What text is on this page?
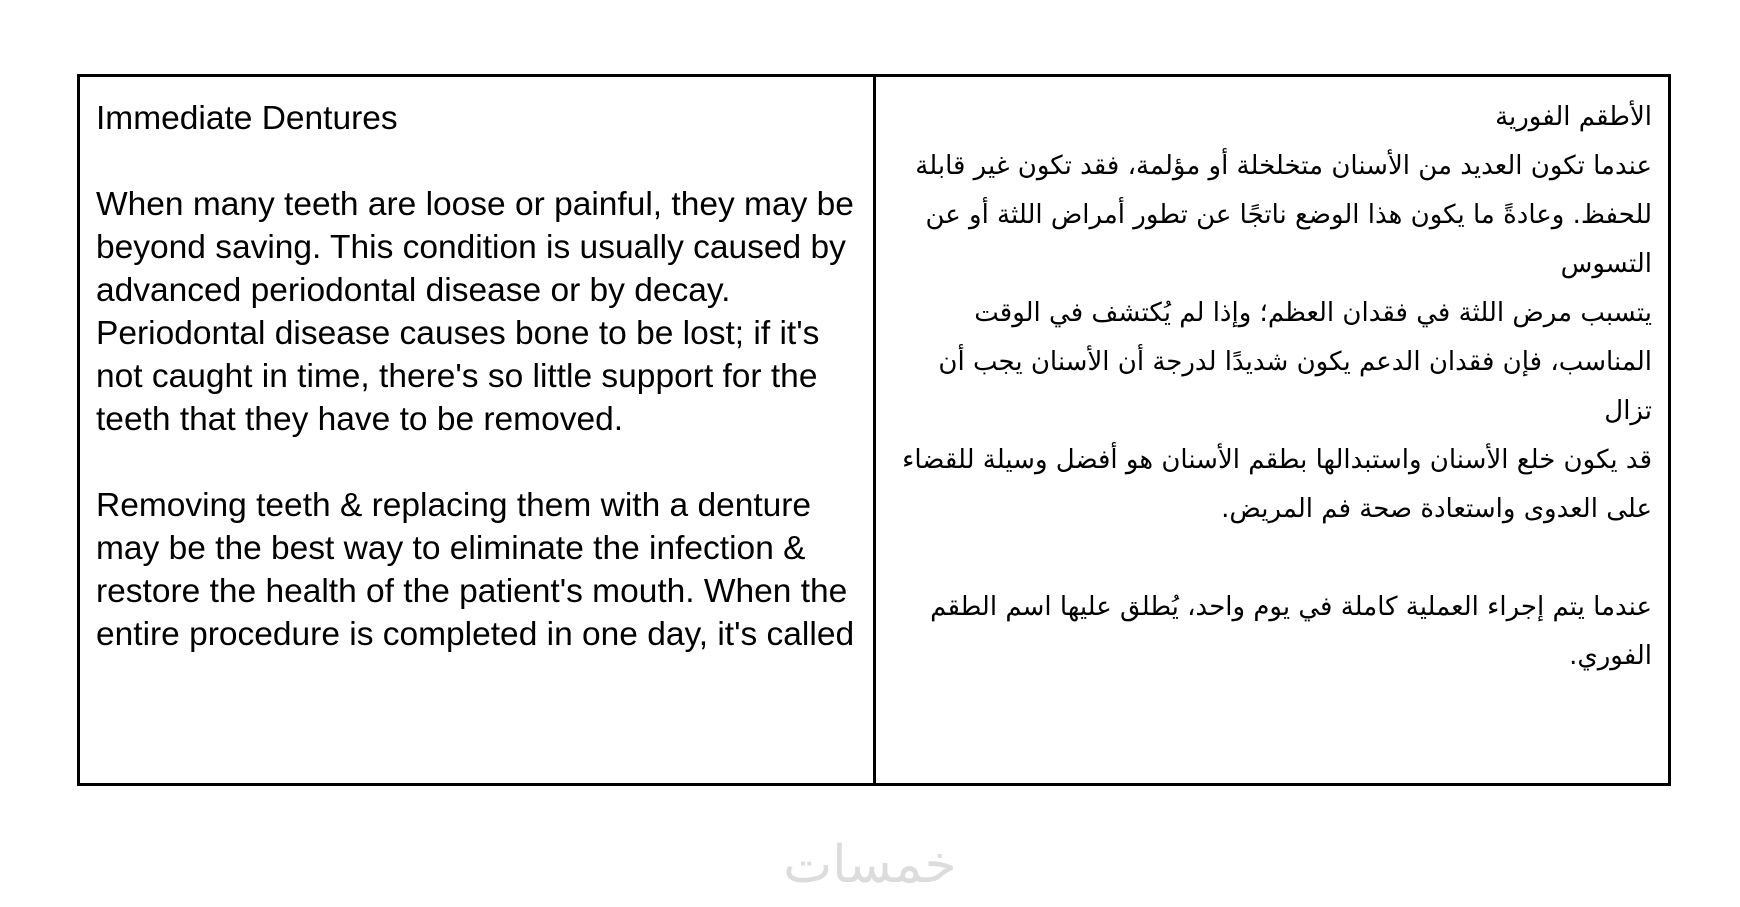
Immediate Dentures

When many teeth are loose or painful, they may be beyond saving. This condition is usually caused by advanced periodontal disease or by decay.

Periodontal disease causes bone to be lost; if it's not caught in time, there's so little support for the teeth that they have to be removed.

Removing teeth & replacing them with a denture may be the best way to eliminate the infection & restore the health of the patient's mouth. When the entire procedure is completed in one day, it's called

الأطقم الفورية

عندما تكون العديد من الأسنان متخلخلة أو مؤلمة، فقد تكون غير قابلة للحفظ. وعادةً ما يكون هذا الوضع ناتجًا عن تطور أمراض اللثة أو عن التسوس

يتسبب مرض اللثة في فقدان العظم؛ وإذا لم يُكتشف في الوقت المناسب، فإن فقدان الدعم يكون شديدًا لدرجة أن الأسنان يجب أن تزال

قد يكون خلع الأسنان واستبدالها بطقم الأسنان هو أفضل وسيلة للقضاء على العدوى واستعادة صحة فم المريض.

عندما يتم إجراء العملية كاملة في يوم واحد، يُطلق عليها اسم الطقم الفوري.

خمسات
